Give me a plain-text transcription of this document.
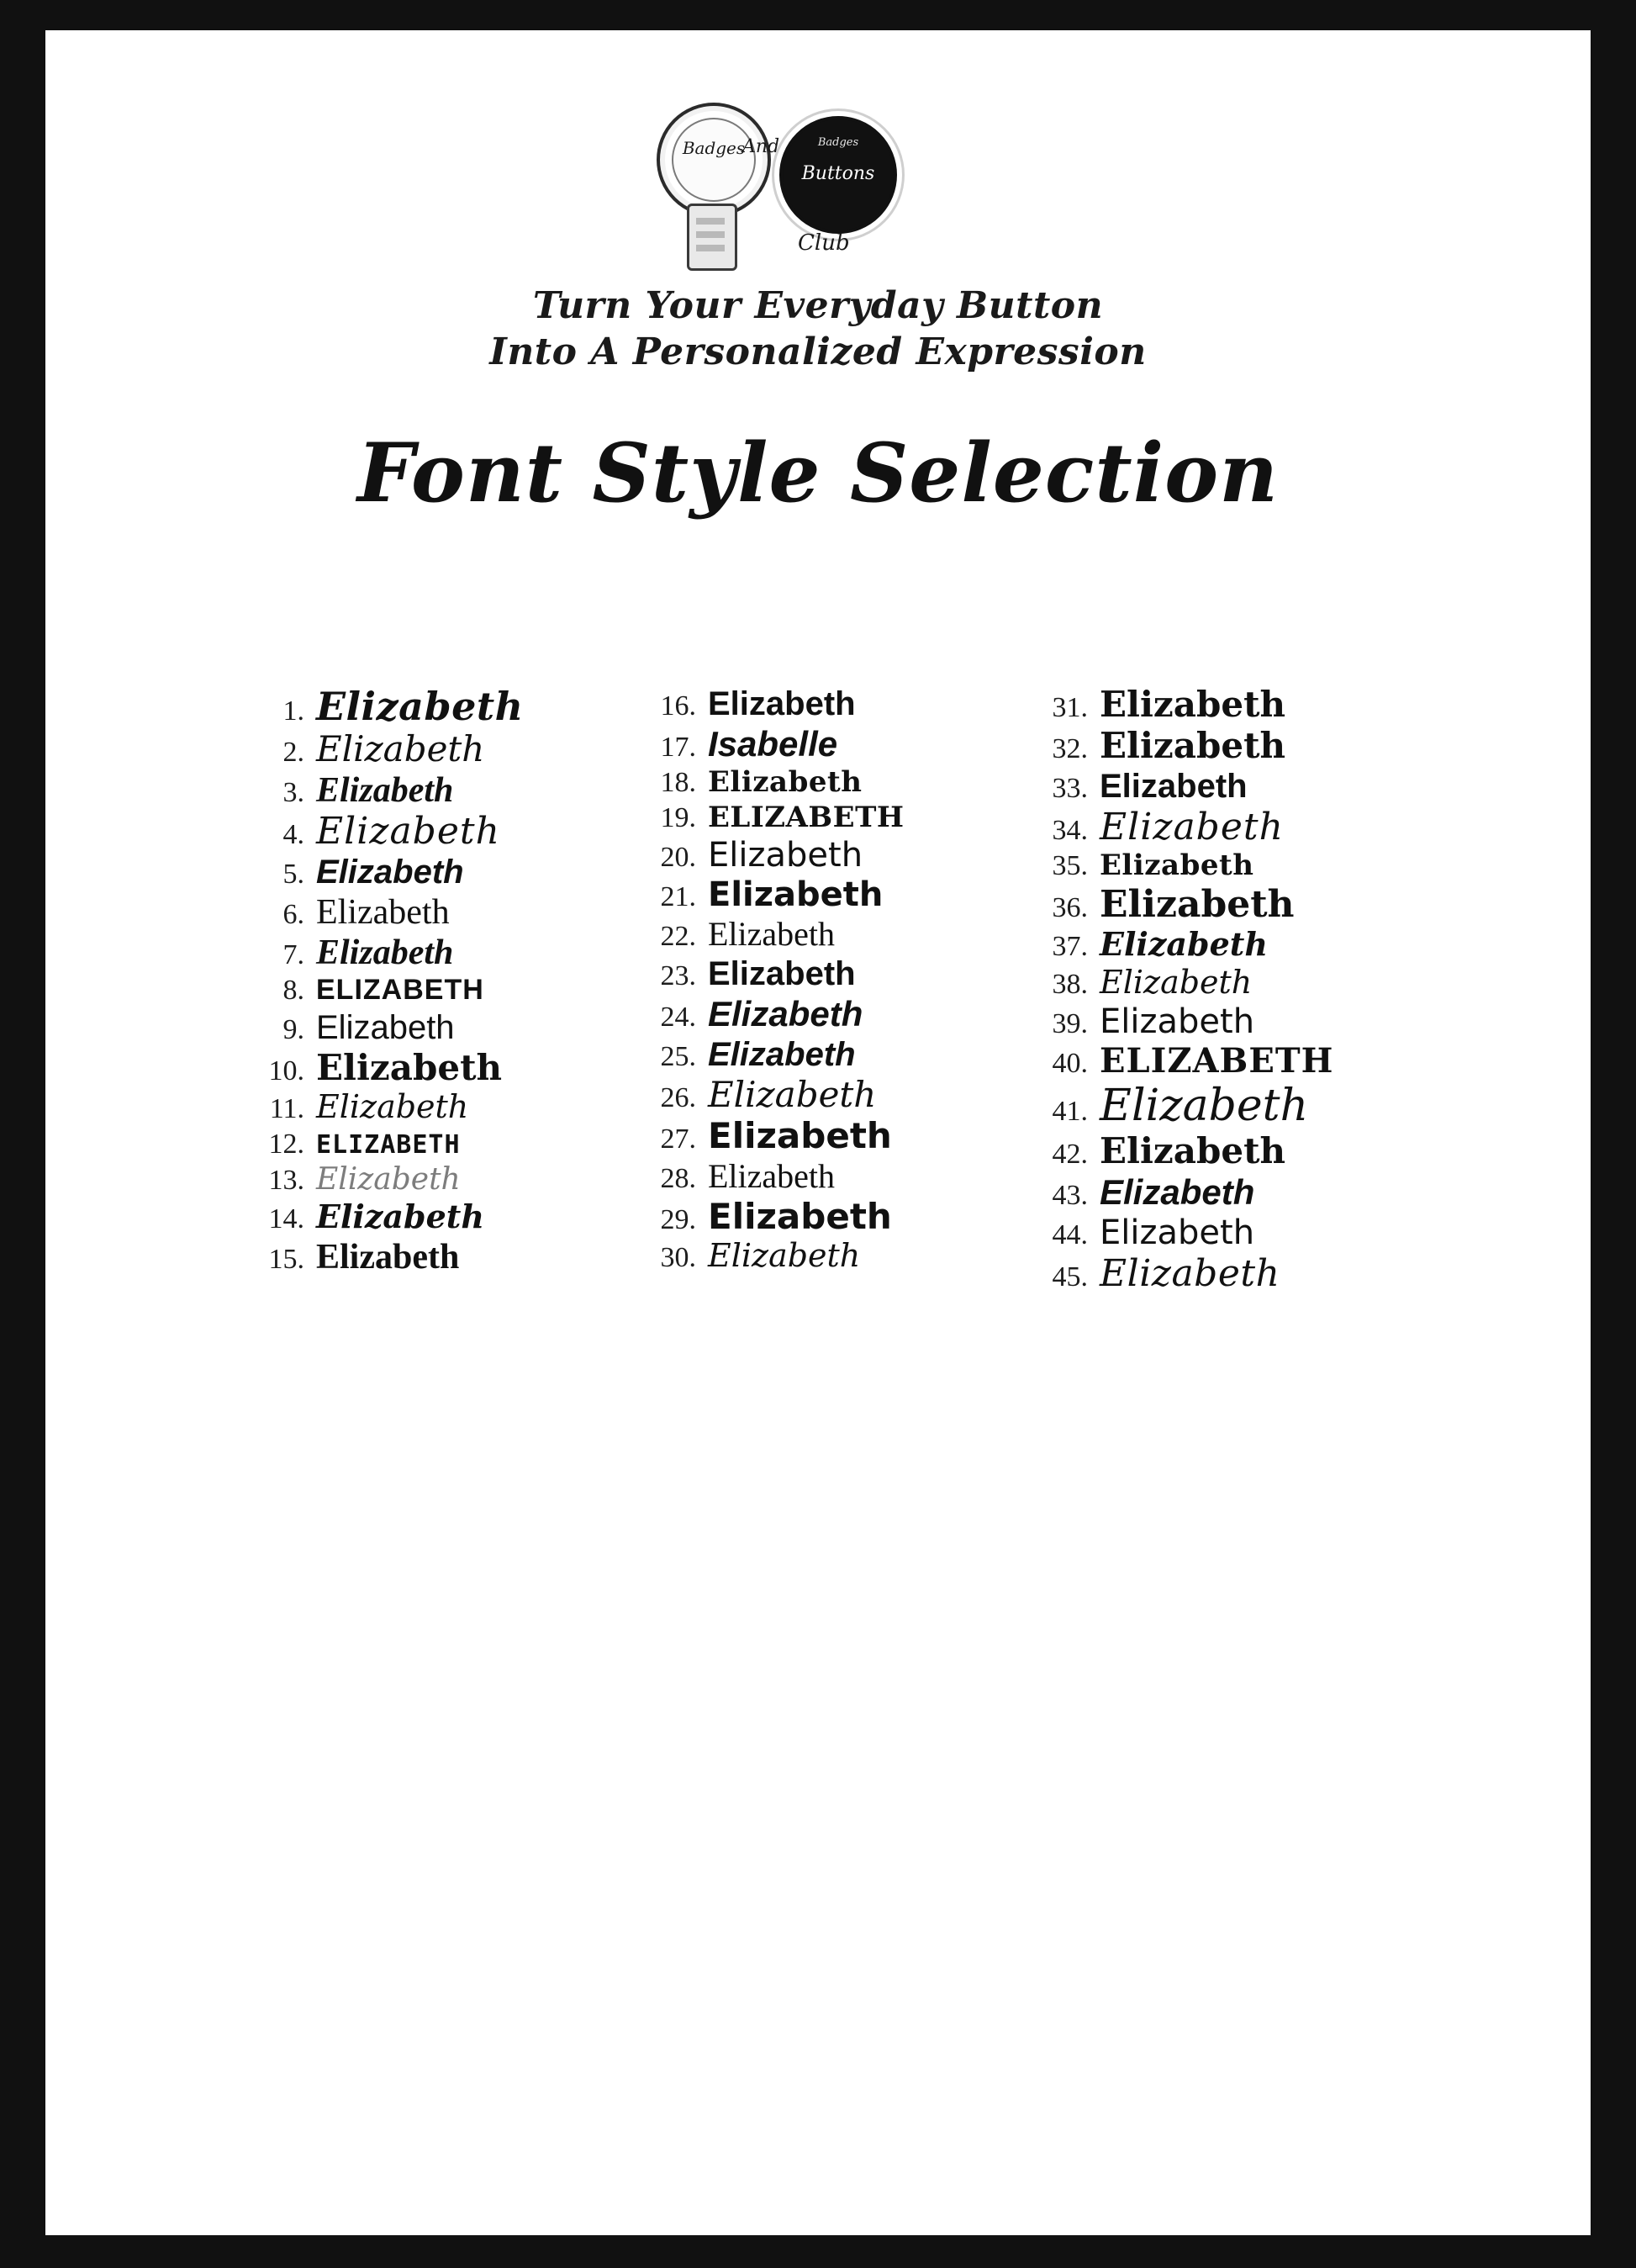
Badges
And	Badges
Buttons
Club
Turn Your Everyday Button
Into A Personalized Expression
Font Style Selection
1. Elizabeth
2. Elizabeth
3. Elizabeth
4. Elizabeth
5. Elizabeth
6. Elizabeth
7. Elizabeth
8. ELIZABETH
9. Elizabeth
10. Elizabeth
11. Elizabeth
12. ELIZABETH
13. Elizabeth
14. Elizabeth
15. Elizabeth
16. Elizabeth
17. Isabelle
18. Elizabeth
19. ELIZABETH
20. Elizabeth
21. Elizabeth
22. Elizabeth
23. Elizabeth
24. Elizabeth
25. Elizabeth
26. Elizabeth
27. Elizabeth
28. Elizabeth
29. Elizabeth
30. Elizabeth
31. Elizabeth
32. Elizabeth
33. Elizabeth
34. Elizabeth
35. Elizabeth
36. Elizabeth
37. Elizabeth
38. Elizabeth
39. Elizabeth
40. ELIZABETH
41. Elizabeth
42. Elizabeth
43. Elizabeth
44. Elizabeth
45. Elizabeth
